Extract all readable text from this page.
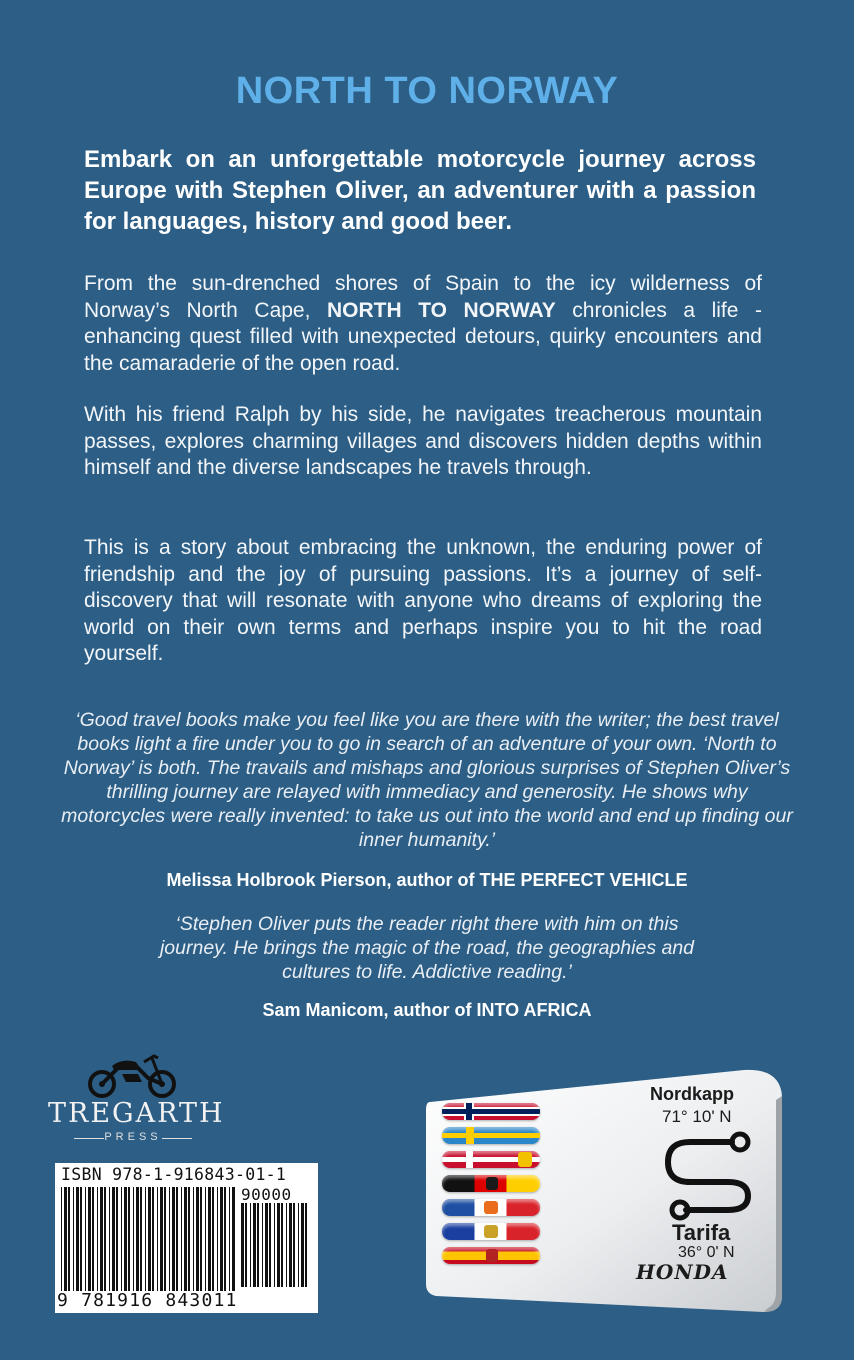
NORTH TO NORWAY
Embark on an unforgettable motorcycle journey across Europe with Stephen Oliver, an adventurer with a passion for languages, history and good beer.
From the sun-drenched shores of Spain to the icy wilderness of Norway’s North Cape, NORTH TO NORWAY chronicles a life -enhancing quest filled with unexpected detours, quirky encounters and the camaraderie of the open road.
With his friend Ralph by his side, he navigates treacherous mountain passes, explores charming villages and discovers hidden depths within himself and the diverse landscapes he travels through.
This is a story about embracing the unknown, the enduring power of friendship and the joy of pursuing passions. It’s a journey of self-discovery that will resonate with anyone who dreams of exploring the world on their own terms and perhaps inspire you to hit the road yourself.
‘Good travel books make you feel like you are there with the writer; the best travel books light a fire under you to go in search of an adventure of your own. ‘North to Norway’ is both. The travails and mishaps and glorious surprises of Stephen Oliver’s thrilling journey are relayed with immediacy and generosity. He shows why motorcycles were really invented: to take us out into the world and end up finding our inner humanity.’
Melissa Holbrook Pierson, author of THE PERFECT VEHICLE
‘Stephen Oliver puts the reader right there with him on this journey. He brings the magic of the road, the geographies and cultures to life. Addictive reading.’
Sam Manicom, author of INTO AFRICA
TREGARTH
PRESS
ISBN 978-1-916843-01-1
90000
9 781916 843011
Nordkapp
71° 10' N
Tarifa
36° 0' N
HONDA
